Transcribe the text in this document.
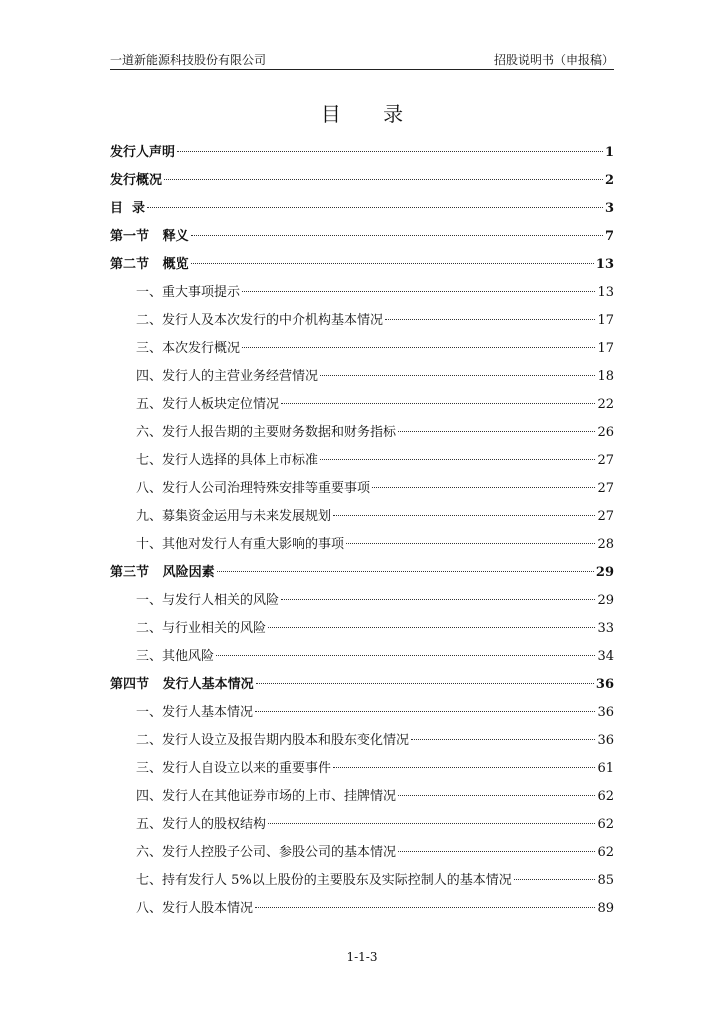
一道新能源科技股份有限公司	招股说明书（申报稿）
目 录
发行人声明	1
发行概况	2
目  录	3
第一节   释义	7
第二节   概览	13
一、重大事项提示	13
二、发行人及本次发行的中介机构基本情况	17
三、本次发行概况	17
四、发行人的主营业务经营情况	18
五、发行人板块定位情况	22
六、发行人报告期的主要财务数据和财务指标	26
七、发行人选择的具体上市标准	27
八、发行人公司治理特殊安排等重要事项	27
九、募集资金运用与未来发展规划	27
十、其他对发行人有重大影响的事项	28
第三节   风险因素	29
一、与发行人相关的风险	29
二、与行业相关的风险	33
三、其他风险	34
第四节   发行人基本情况	36
一、发行人基本情况	36
二、发行人设立及报告期内股本和股东变化情况	36
三、发行人自设立以来的重要事件	61
四、发行人在其他证券市场的上市、挂牌情况	62
五、发行人的股权结构	62
六、发行人控股子公司、参股公司的基本情况	62
七、持有发行人 5%以上股份的主要股东及实际控制人的基本情况	85
八、发行人股本情况	89
1-1-3
